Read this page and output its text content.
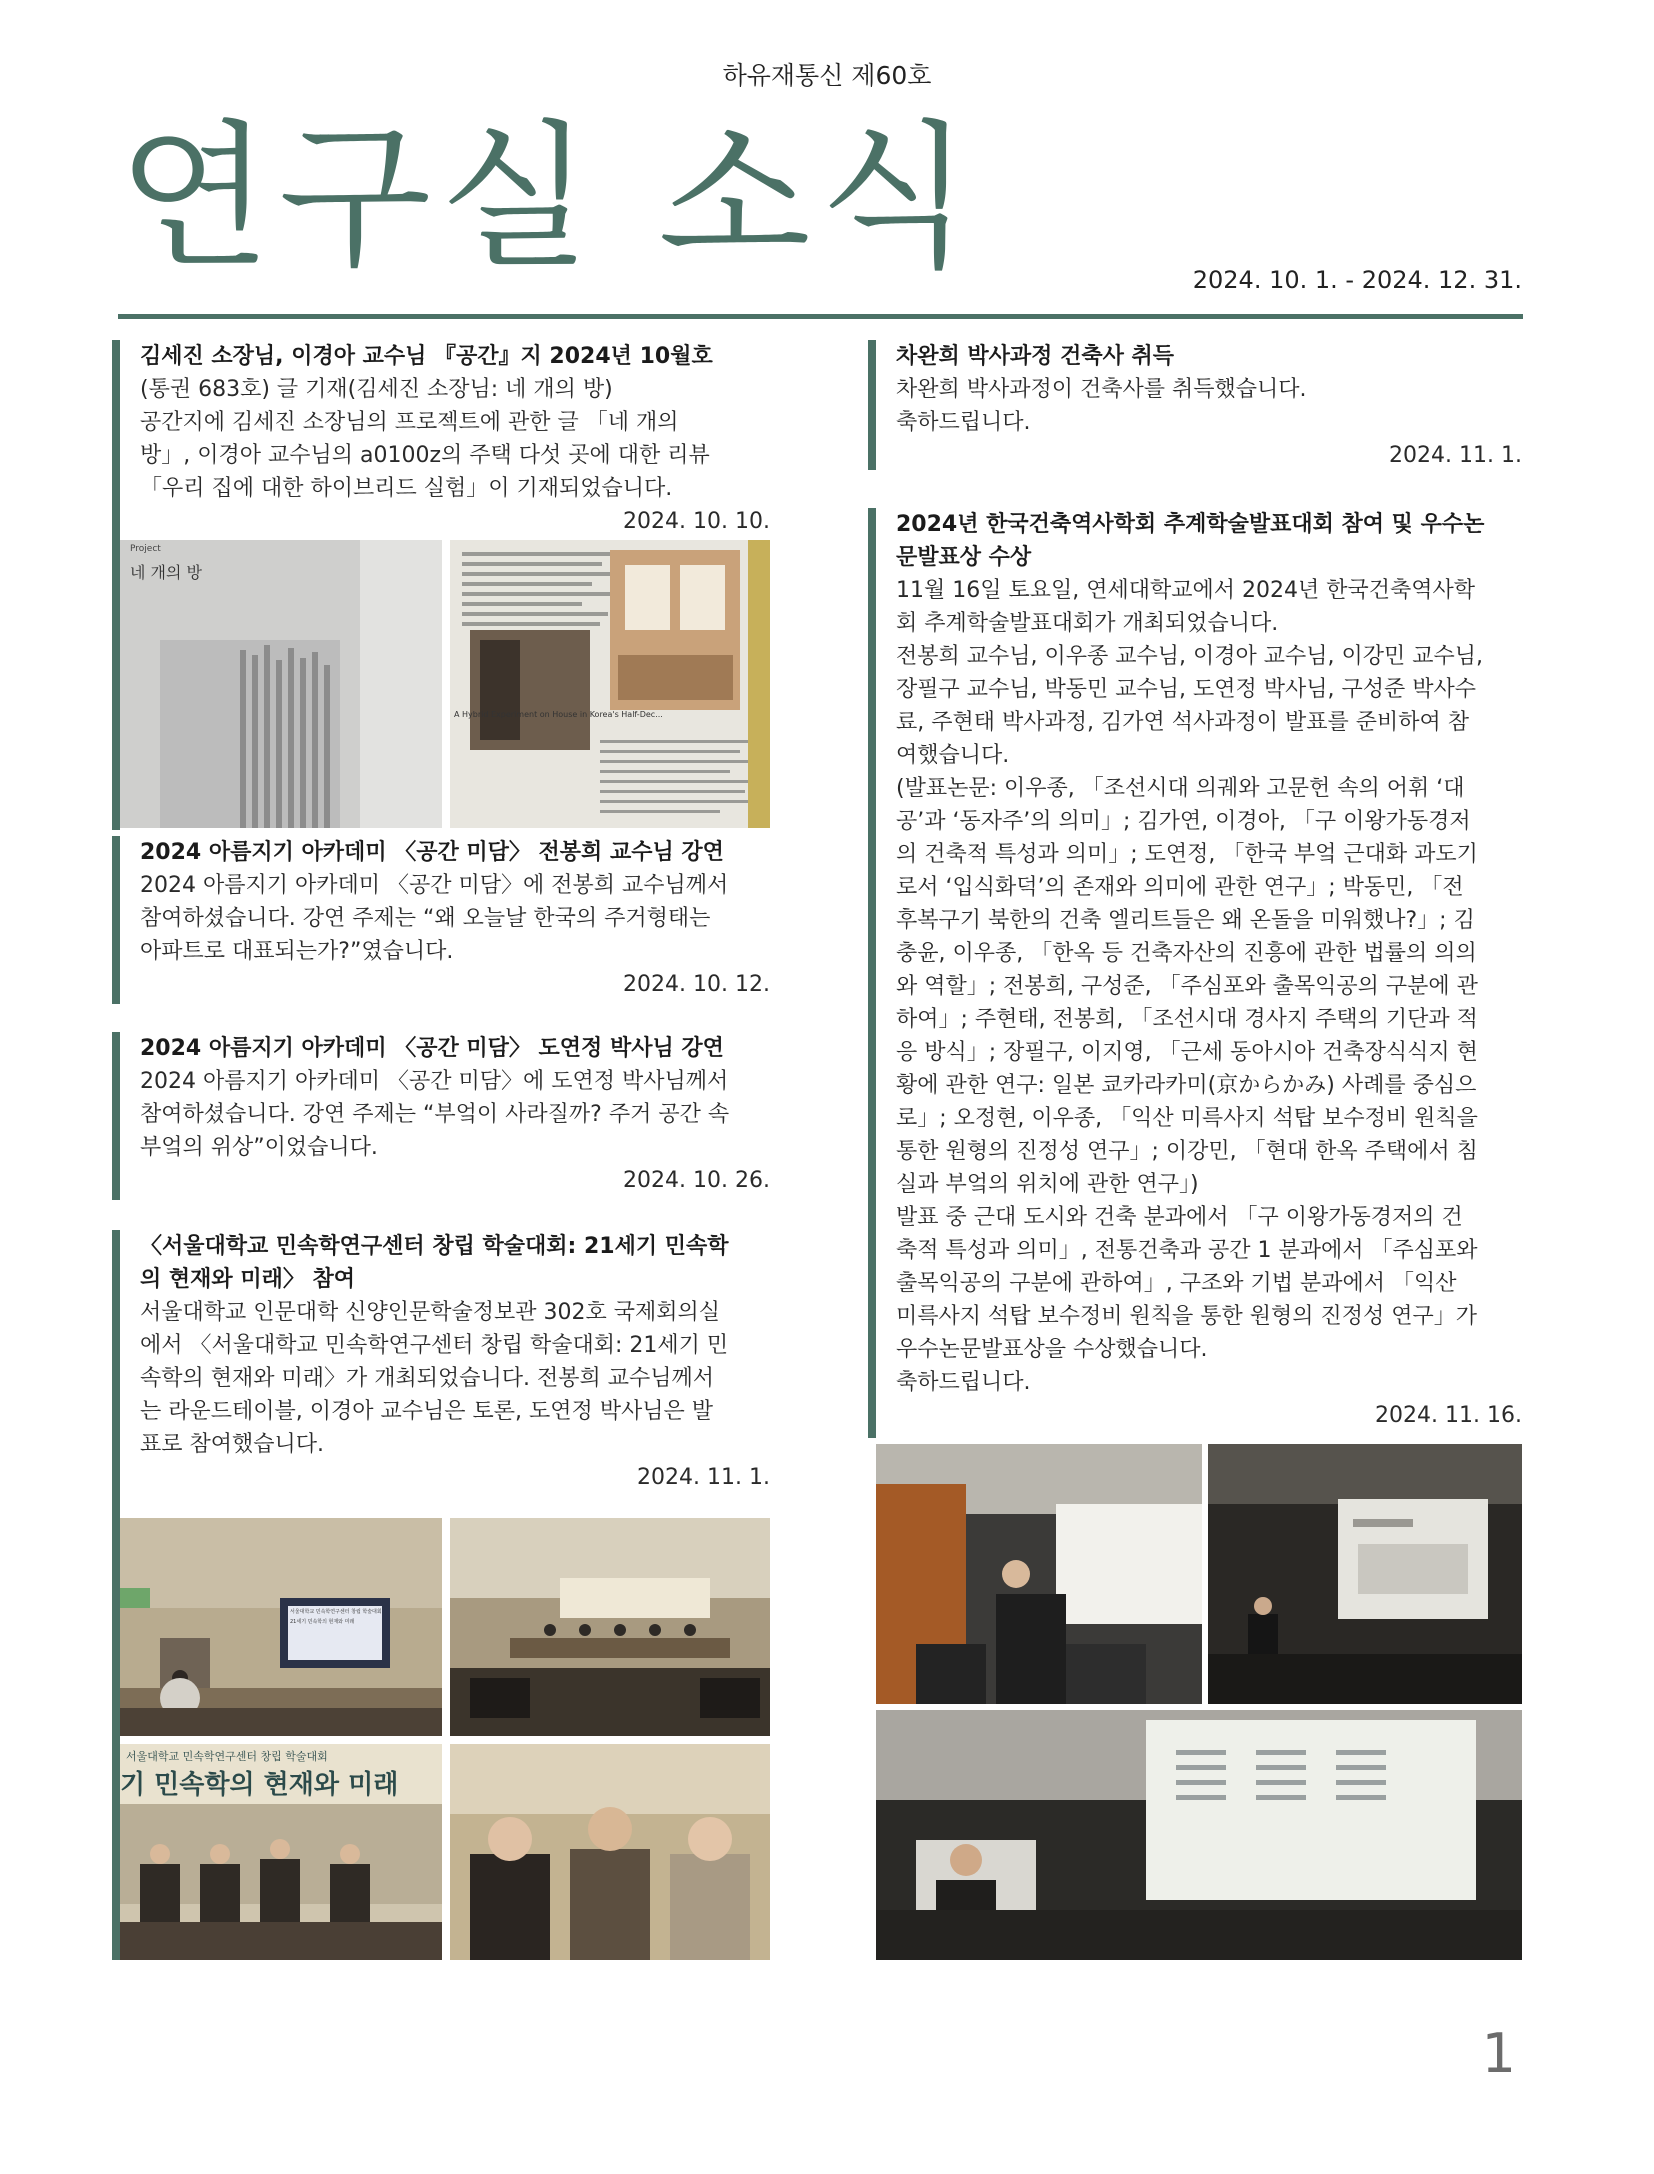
하유재통신 제60호
연구실 소식	2024. 10. 1. - 2024. 12. 31.
김세진 소장님, 이경아 교수님 『공간』지 2024년 10월호

(통권 683호) 글 기재(김세진 소장님: 네 개의 방)

공간지에 김세진 소장님의 프로젝트에 관한 글 「네 개의

방」, 이경아 교수님의 a0100z의 주택 다섯 곳에 대한 리뷰

「우리 집에 대한 하이브리드 실험」이 기재되었습니다.

2024. 10. 10.
Project
네 개의 방
A Hybrid Experiment on House in Korea's Half-Dec...
2024 아름지기 아카데미 〈공간 미담〉 전봉희 교수님 강연

2024 아름지기 아카데미 〈공간 미담〉에 전봉희 교수님께서

참여하셨습니다. 강연 주제는 “왜 오늘날 한국의 주거형태는

아파트로 대표되는가?”였습니다.

2024. 10. 12.
2024 아름지기 아카데미 〈공간 미담〉 도연정 박사님 강연

2024 아름지기 아카데미 〈공간 미담〉에 도연정 박사님께서

참여하셨습니다. 강연 주제는 “부엌이 사라질까? 주거 공간 속

부엌의 위상”이었습니다.

2024. 10. 26.
〈서울대학교 민속학연구센터 창립 학술대회: 21세기 민속학
의 현재와 미래〉 참여

서울대학교 인문대학 신양인문학술정보관 302호 국제회의실

에서 〈서울대학교 민속학연구센터 창립 학술대회: 21세기 민

속학의 현재와 미래〉가 개최되었습니다. 전봉희 교수님께서

는 라운드테이블, 이경아 교수님은 토론, 도연정 박사님은 발

표로 참여했습니다.

2024. 11. 1.
서울대학교 민속학연구센터 창립 학술대회
21세기 민속학의 현재와 미래
서울대학교 민속학연구센터 창립 학술대회
기 민속학의 현재와 미래
차완희 박사과정 건축사 취득

차완희 박사과정이 건축사를 취득했습니다.

축하드립니다.

2024. 11. 1.
2024년 한국건축역사학회 추계학술발표대회 참여 및 우수논
문발표상 수상

11월 16일 토요일, 연세대학교에서 2024년 한국건축역사학

회 추계학술발표대회가 개최되었습니다.

전봉희 교수님, 이우종 교수님, 이경아 교수님, 이강민 교수님,

장필구 교수님, 박동민 교수님, 도연정 박사님, 구성준 박사수

료, 주현태 박사과정, 김가연 석사과정이 발표를 준비하여 참

여했습니다.

(발표논문: 이우종, 「조선시대 의궤와 고문헌 속의 어휘 ‘대

공’과 ‘동자주’의 의미」; 김가연, 이경아, 「구 이왕가동경저

의 건축적 특성과 의미」; 도연정, 「한국 부엌 근대화 과도기

로서 ‘입식화덕’의 존재와 의미에 관한 연구」; 박동민, 「전

후복구기 북한의 건축 엘리트들은 왜 온돌을 미워했나?」; 김

충윤, 이우종, 「한옥 등 건축자산의 진흥에 관한 법률의 의의

와 역할」; 전봉희, 구성준, 「주심포와 출목익공의 구분에 관

하여」; 주현태, 전봉희, 「조선시대 경사지 주택의 기단과 적

응 방식」; 장필구, 이지영, 「근세 동아시아 건축장식식지 현

황에 관한 연구: 일본 쿄카라카미(京からかみ) 사례를 중심으

로」; 오정현, 이우종, 「익산 미륵사지 석탑 보수정비 원칙을

통한 원형의 진정성 연구」; 이강민, 「현대 한옥 주택에서 침

실과 부엌의 위치에 관한 연구」)

발표 중 근대 도시와 건축 분과에서 「구 이왕가동경저의 건

축적 특성과 의미」, 전통건축과 공간 1 분과에서 「주심포와

출목익공의 구분에 관하여」, 구조와 기법 분과에서 「익산

미륵사지 석탑 보수정비 원칙을 통한 원형의 진정성 연구」가

우수논문발표상을 수상했습니다.

축하드립니다.

2024. 11. 16.
1
